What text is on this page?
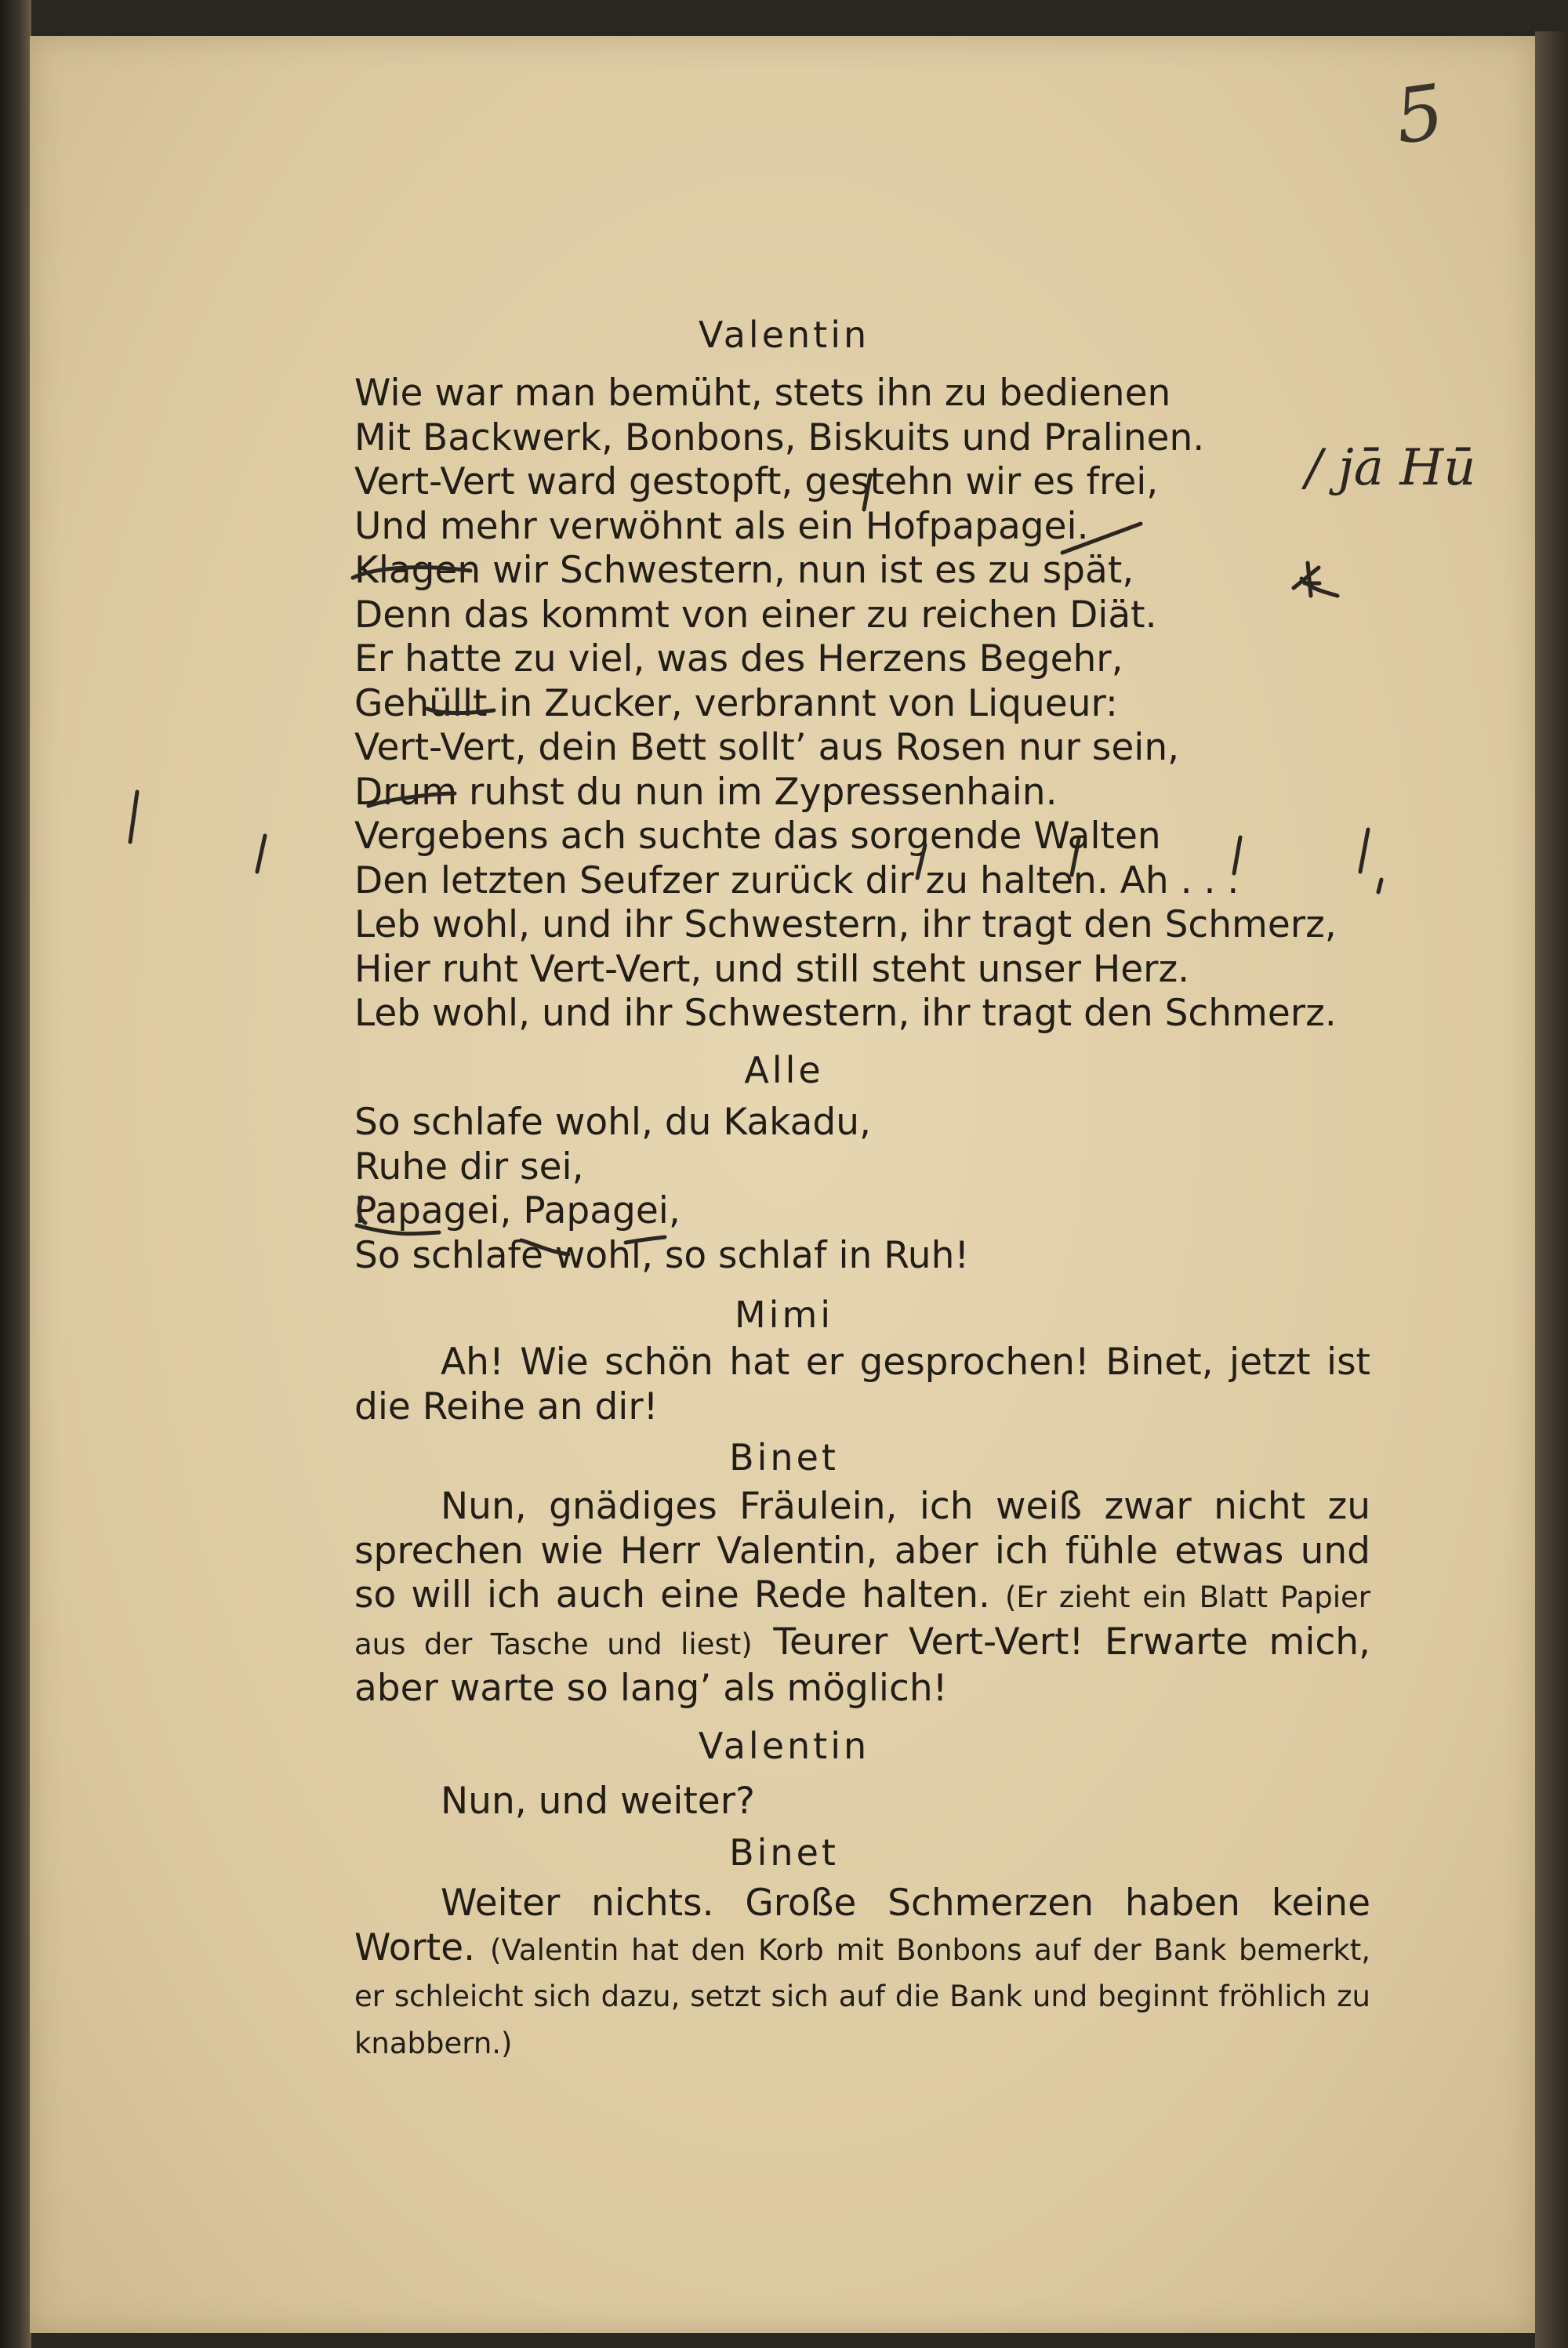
5
Valentin
Wie war man bemüht, stets ihn zu bedienen
Mit Backwerk, Bonbons, Biskuits und Pralinen.
Vert-Vert ward gestopft, gestehn wir es frei,
Und mehr verwöhnt als ein Hofpapagei.
Klagen wir Schwestern, nun ist es zu spät,
Denn das kommt von einer zu reichen Diät.
Er hatte zu viel, was des Herzens Begehr,
Gehüllt in Zucker, verbrannt von Liqueur:
Vert-Vert, dein Bett sollt’ aus Rosen nur sein,
Drum ruhst du nun im Zypressenhain.
Vergebens ach suchte das sorgende Walten
Den letzten Seufzer zurück dir zu halten. Ah . . .
Leb wohl, und ihr Schwestern, ihr tragt den Schmerz,
Hier ruht Vert-Vert, und still steht unser Herz.
Leb wohl, und ihr Schwestern, ihr tragt den Schmerz.
Alle
So schlafe wohl, du Kakadu,
Ruhe dir sei,
Papagei, Papagei,
So schlafe wohl, so schlaf in Ruh!
Mimi
Ah! Wie schön hat er gesprochen! Binet, jetzt ist die Reihe an dir!
Binet
Nun, gnädiges Fräulein, ich weiß zwar nicht zu sprechen wie Herr Valentin, aber ich fühle etwas und so will ich auch eine Rede halten. (Er zieht ein Blatt Papier aus der Tasche und liest) Teurer Vert-Vert! Erwarte mich, aber warte so lang’ als möglich!
Valentin
Nun, und weiter?
Binet
Weiter nichts. Große Schmerzen haben keine Worte. (Valentin hat den Korb mit Bonbons auf der Bank bemerkt, er schleicht sich dazu, setzt sich auf die Bank und beginnt fröhlich zu knabbern.)
/ jā Hū
